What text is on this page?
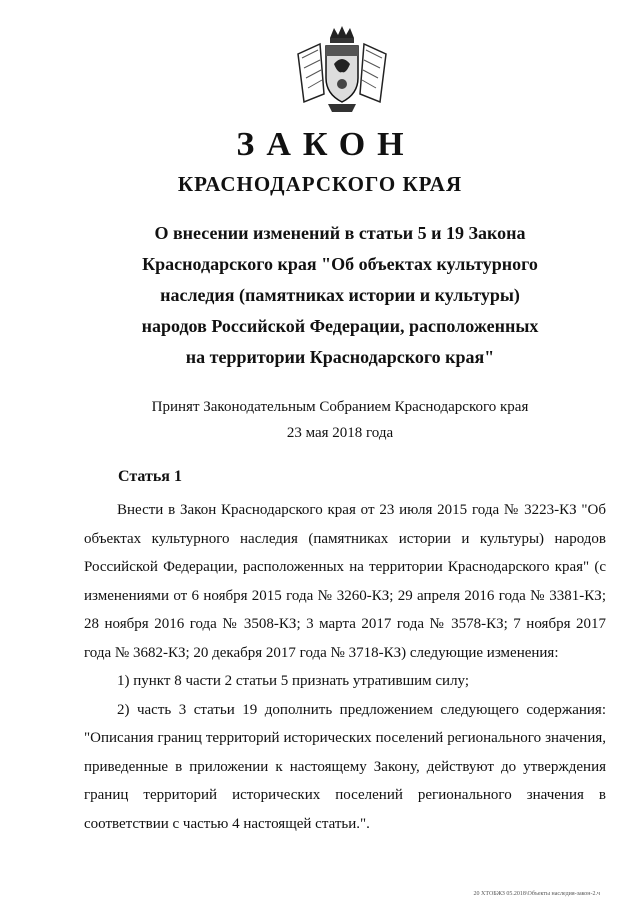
ЗАКОН
КРАСНОДАРСКОГО КРАЯ
О внесении изменений в статьи 5 и 19 Закона
Краснодарского края "Об объектах культурного
наследия (памятниках истории и культуры)
народов Российской Федерации, расположенных
на территории Краснодарского края"
Принят Законодательным Собранием Краснодарского края
23 мая 2018 года
Статья 1

Внести в Закон Краснодарского края от 23 июля 2015 года № 3223-КЗ "Об объектах культурного наследия (памятниках истории и культуры) народов Российской Федерации, расположенных на территории Краснодарского края" (с изменениями от 6 ноября 2015 года № 3260-КЗ; 29 апреля 2016 года № 3381-КЗ; 28 ноября 2016 года № 3508-КЗ; 3 марта 2017 года № 3578-КЗ; 7 ноября 2017 года № 3682-КЗ; 20 декабря 2017 года № 3718-КЗ) следующие изменения:

1) пункт 8 части 2 статьи 5 признать утратившим силу;

2) часть 3 статьи 19 дополнить предложением следующего содержания: "Описания границ территорий исторических поселений регионального значения, приведенные в приложении к настоящему Закону, действуют до утверждения границ территорий исторических поселений регионального значения в соответствии с частью 4 настоящей статьи.".

20 ХТОБЖЗ 05.2018\Объекты наследия-закон-2.ч
